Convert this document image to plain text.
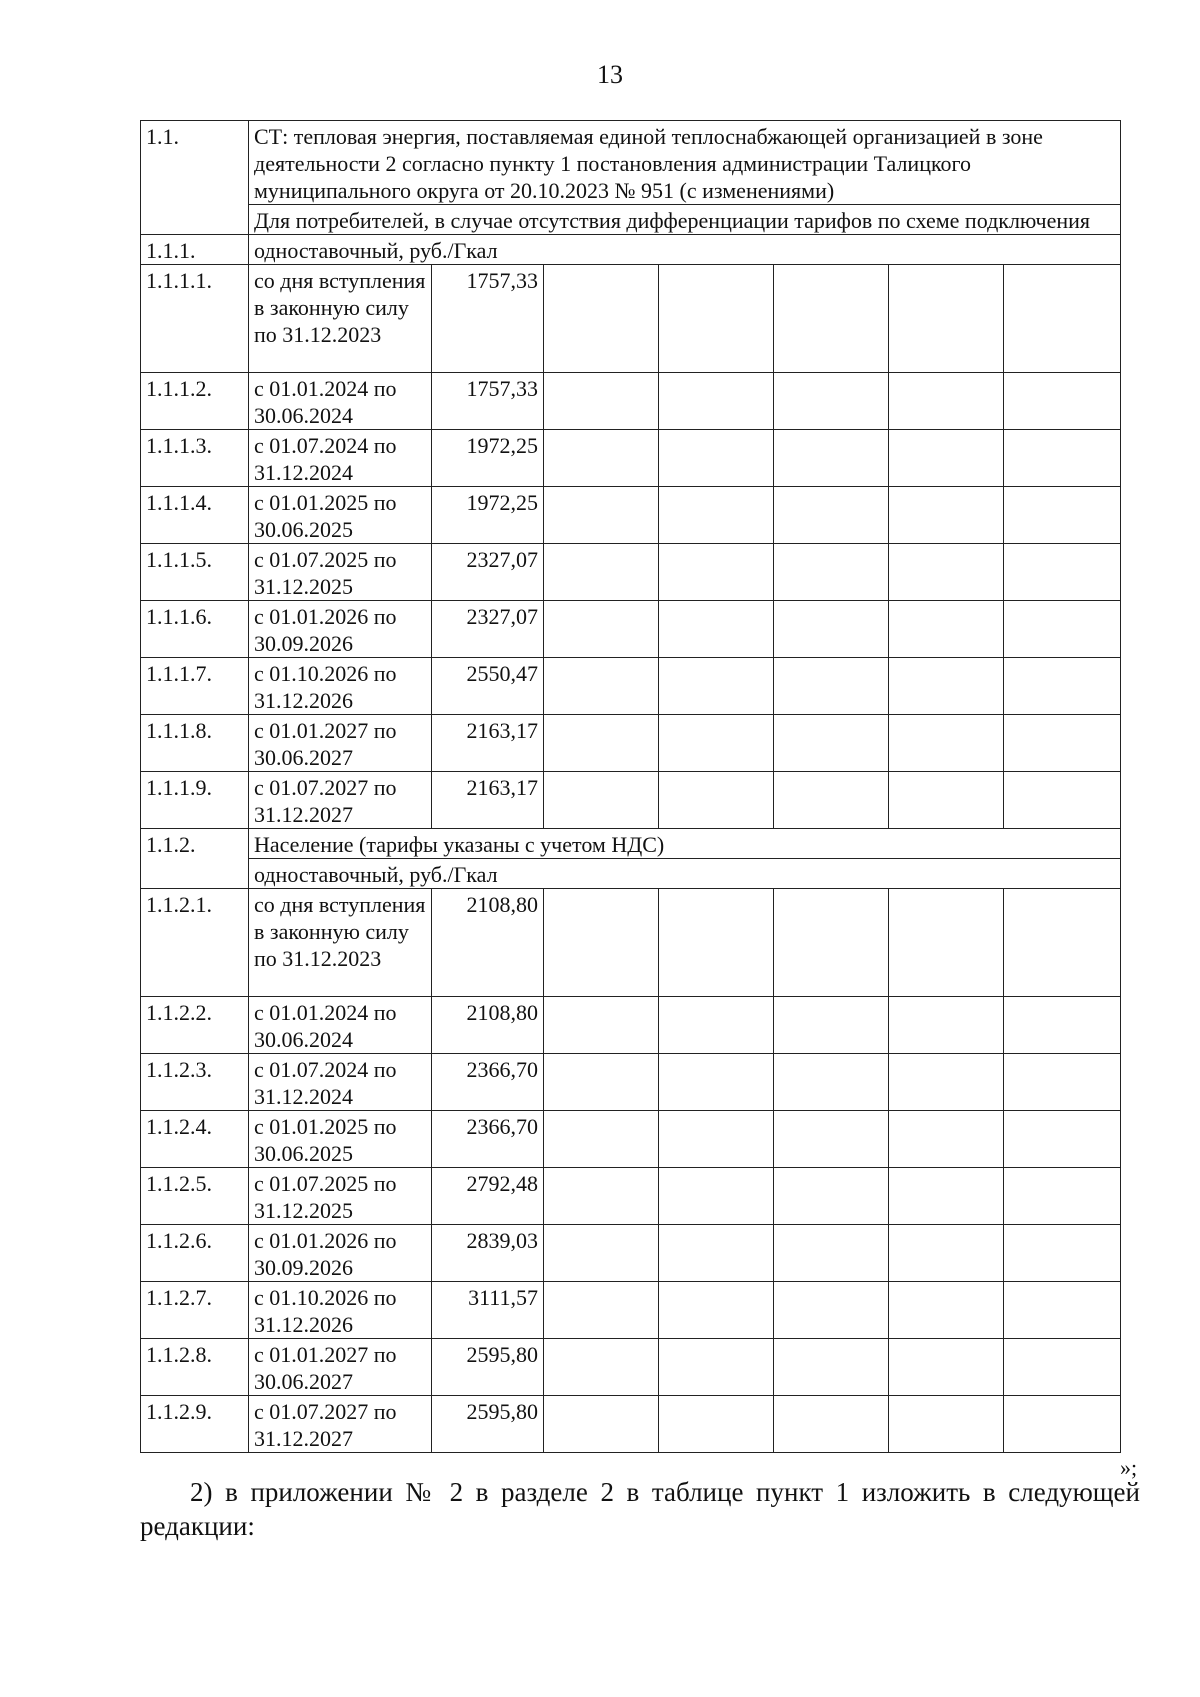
13
1.1.	СТ: тепловая энергия, поставляемая единой теплоснабжающей организацией в зоне деятельности 2 согласно пункту 1 постановления администрации Талицкого муниципального округа от 20.10.2023 № 951 (с изменениями)						
	Для потребителей, в случае отсутствия дифференциации тарифов по схеме подключения						
1.1.1.	одноставочный, руб./Гкал						
1.1.1.1.	со дня вступления в законную силу по 31.12.2023	1757,33					
1.1.1.2.	с 01.01.2024 по 30.06.2024	1757,33					
1.1.1.3.	с 01.07.2024 по 31.12.2024	1972,25					
1.1.1.4.	с 01.01.2025 по 30.06.2025	1972,25					
1.1.1.5.	с 01.07.2025 по 31.12.2025	2327,07					
1.1.1.6.	с 01.01.2026 по 30.09.2026	2327,07					
1.1.1.7.	с 01.10.2026 по 31.12.2026	2550,47					
1.1.1.8.	с 01.01.2027 по 30.06.2027	2163,17					
1.1.1.9.	с 01.07.2027 по 31.12.2027	2163,17					
1.1.2.	Население (тарифы указаны с учетом НДС)						
	одноставочный, руб./Гкал						
1.1.2.1.	со дня вступления в законную силу по 31.12.2023	2108,80					
1.1.2.2.	с 01.01.2024 по 30.06.2024	2108,80					
1.1.2.3.	с 01.07.2024 по 31.12.2024	2366,70					
1.1.2.4.	с 01.01.2025 по 30.06.2025	2366,70					
1.1.2.5.	с 01.07.2025 по 31.12.2025	2792,48					
1.1.2.6.	с 01.01.2026 по 30.09.2026	2839,03					
1.1.2.7.	с 01.10.2026 по 31.12.2026	3111,57					
1.1.2.8.	с 01.01.2027 по 30.06.2027	2595,80					
1.1.2.9.	с 01.07.2027 по 31.12.2027	2595,80					
»;
2) в приложении № 2 в разделе 2 в таблице пункт 1 изложить в следующей
редакции:
